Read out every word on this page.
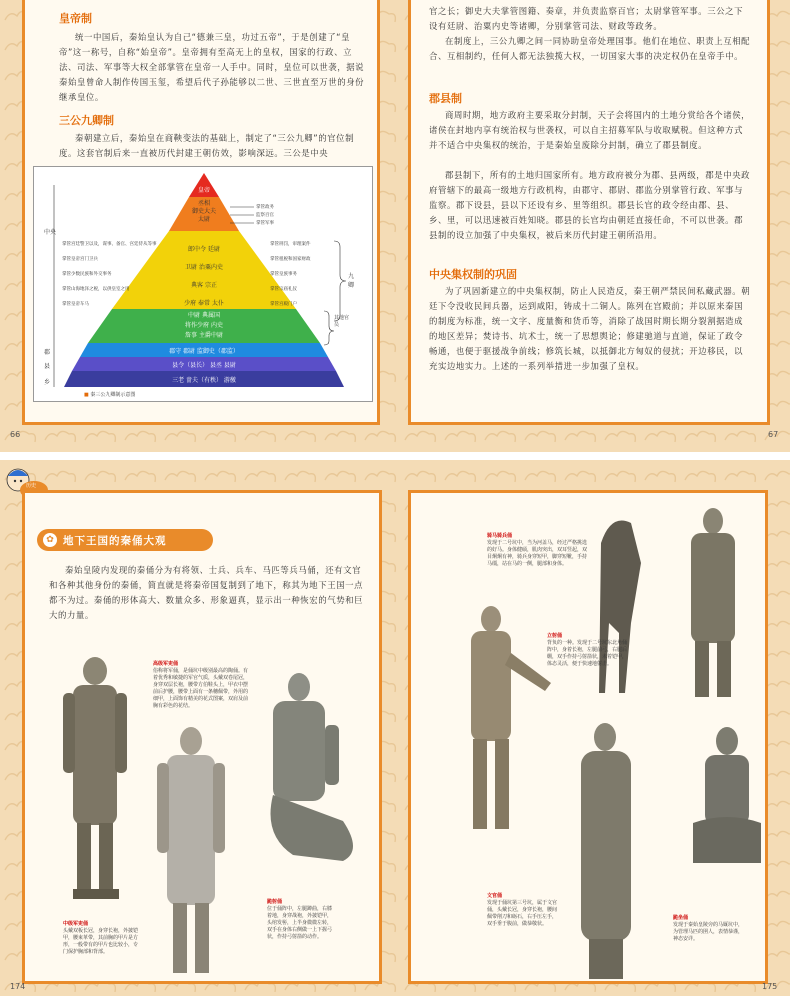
皇帝制

统一中国后，秦始皇认为自己“德兼三皇，功过五帝”，于是创建了“皇帝”这一称号，自称“始皇帝”。皇帝拥有至高无上的皇权，国家的行政、立法、司法、军事等大权全部掌管在皇帝一人手中。同时，皇位可以世袭，据说秦始皇曾命人制作传国玉玺，希望后代子孙能够以二世、三世直至万世的身份继承皇位。

三公九卿制

秦朝建立后，秦始皇在商鞅变法的基础上，制定了“三公九卿”的官位制度。这套官制后来一直被历代封建王朝仿效，影响深远。三公是中央

皇帝
丞相
御史大夫
太尉
郎中令 廷尉
卫尉 治粟内史
典客 宗正
少府 奉常 太仆
中尉 典属国
将作少府 内史
詹事 主爵中尉
郡守 郡尉 监御史（郡监）
县令（县长） 县丞 县尉
三老 啬夫（有秩） 游徼
中央
郡
县
乡
九卿
其他官员
掌管政务
监察百官
掌管军事
掌管宫廷警卫以及，谋事、备官、宫廷侍从等事
掌管皇帝宫门卫兵
掌管少数民族和外交事务
掌管山海地泽之税，以供皇室之用
掌管皇帝车马
掌管刑罚，审理案件
掌管租税和国家财政
掌管皇族事务
掌管宗庙礼仪
掌管宫殿门户
■ 秦三公九卿制示意图
66

官之长；御史大夫掌管图籍、奏章，并负责监察百官；太尉掌管军事。三公之下设有廷尉、治粟内史等诸卿，分别掌管司法、财政等政务。

在制度上，三公九卿之间一同协助皇帝处理国事。他们在地位、职责上互相配合、互相制约，任何人都无法独揽大权，一切国家大事的决定权仍在皇帝手中。

郡县制

商周时期，地方政府主要采取分封制，天子会将国内的土地分赏给各个诸侯，诸侯在封地内享有统治权与世袭权，可以自主招募军队与收取赋税。但这种方式并不适合中央集权的统治，于是秦始皇废除分封制，确立了郡县制度。

郡县制下，所有的土地归国家所有。地方政府被分为郡、县两级，郡是中央政府管辖下的最高一级地方行政机构，由郡守、郡尉、郡监分别掌管行政、军事与监察。郡下设县，县以下还设有乡、里等组织。郡县长官的政令经由郡、县、乡、里，可以迅速被百姓知晓。郡县的长官均由朝廷直接任命，不可以世袭。郡县制的设立加强了中央集权，被后来历代封建王朝所沿用。

中央集权制的巩固

为了巩固新建立的中央集权制，防止人民造反，秦王朝严禁民间私藏武器。朝廷下令没收民间兵器，运到咸阳，铸成十二铜人。陈列在宫殿前；并以原来秦国的制度为标准，统一文字、度量衡和货币等，消除了战国时期长期分裂割据造成的地区差异；焚诗书、坑术士，统一了思想舆论；修建驰道与直道，保证了政令畅通，也便于驱援战争前线；修筑长城，以抵御北方匈奴的侵扰；开边移民，以充实边地实力。上述的一系列举措进一步加强了皇权。

67
历史
✿ 地下王国的秦俑大观

秦始皇陵内发现的秦俑分为有将领、士兵、兵车、马匹等兵马俑，还有文官和各种其他身份的秦俑，简直就是将秦帝国复制到了地下，称其为地下王国一点都不为过。秦俑的形体高大、数量众多、形象逼真，显示出一种恢宏的气势和巨大的力量。

高级军吏俑
俗称将军俑，是俑坑中级别最高的陶俑。有着优秀和敏捷的军官气质，头戴双卷尾冠，身穿双层长袍，腰带方伯鞋头上，甲衣中摆前后护腰，腰带上面有一条穗佩带，外用的细甲，上面饰有精美的花式图案，双肩及前胸有彩色的花结。
中级军吏俑
头戴双板长冠，身穿长袍，外披铠甲，腰束革带，其前胸的甲片是方形，一般带有的甲片也比较小，专门保护胸部和背部。
跪射俑
位于俑阵中，左腿蹲曲，右膝着地，身穿战袍，外披铠甲，头绾发髻，上半身微微左转，双手在身体右侧做一上下握弓状，作持弓射箭的动作。
174
骑马骑兵俑
发现于二号坑中，当为河盖马，经过严格挑选的好马。身体健硕，肌肉突出，双耳竖起，双目炯炯有神，骑兵身穿短甲，脚穿短靴，手持马缰，站在马的一侧，腿部和身体。
立射俑
背负的一种。发现于二号坑东北角俑阵中，身着长袍，左腿前弓，右腿后绷，双手作持弓射箭状，未着铠甲，体态灵活，便于快速地射击。
文官俑
发现于俑坑第三号坑，属于文官俑，头戴长冠，身穿长袍，腰间佩带削刀和砺石，右手压左手，双手垂于腹前，做恭敬状。
跪坐俑
发现于秦始皇陵旁的马厩坑中，为管理马匹的圉人，表情恭谨，神态安详。
175
